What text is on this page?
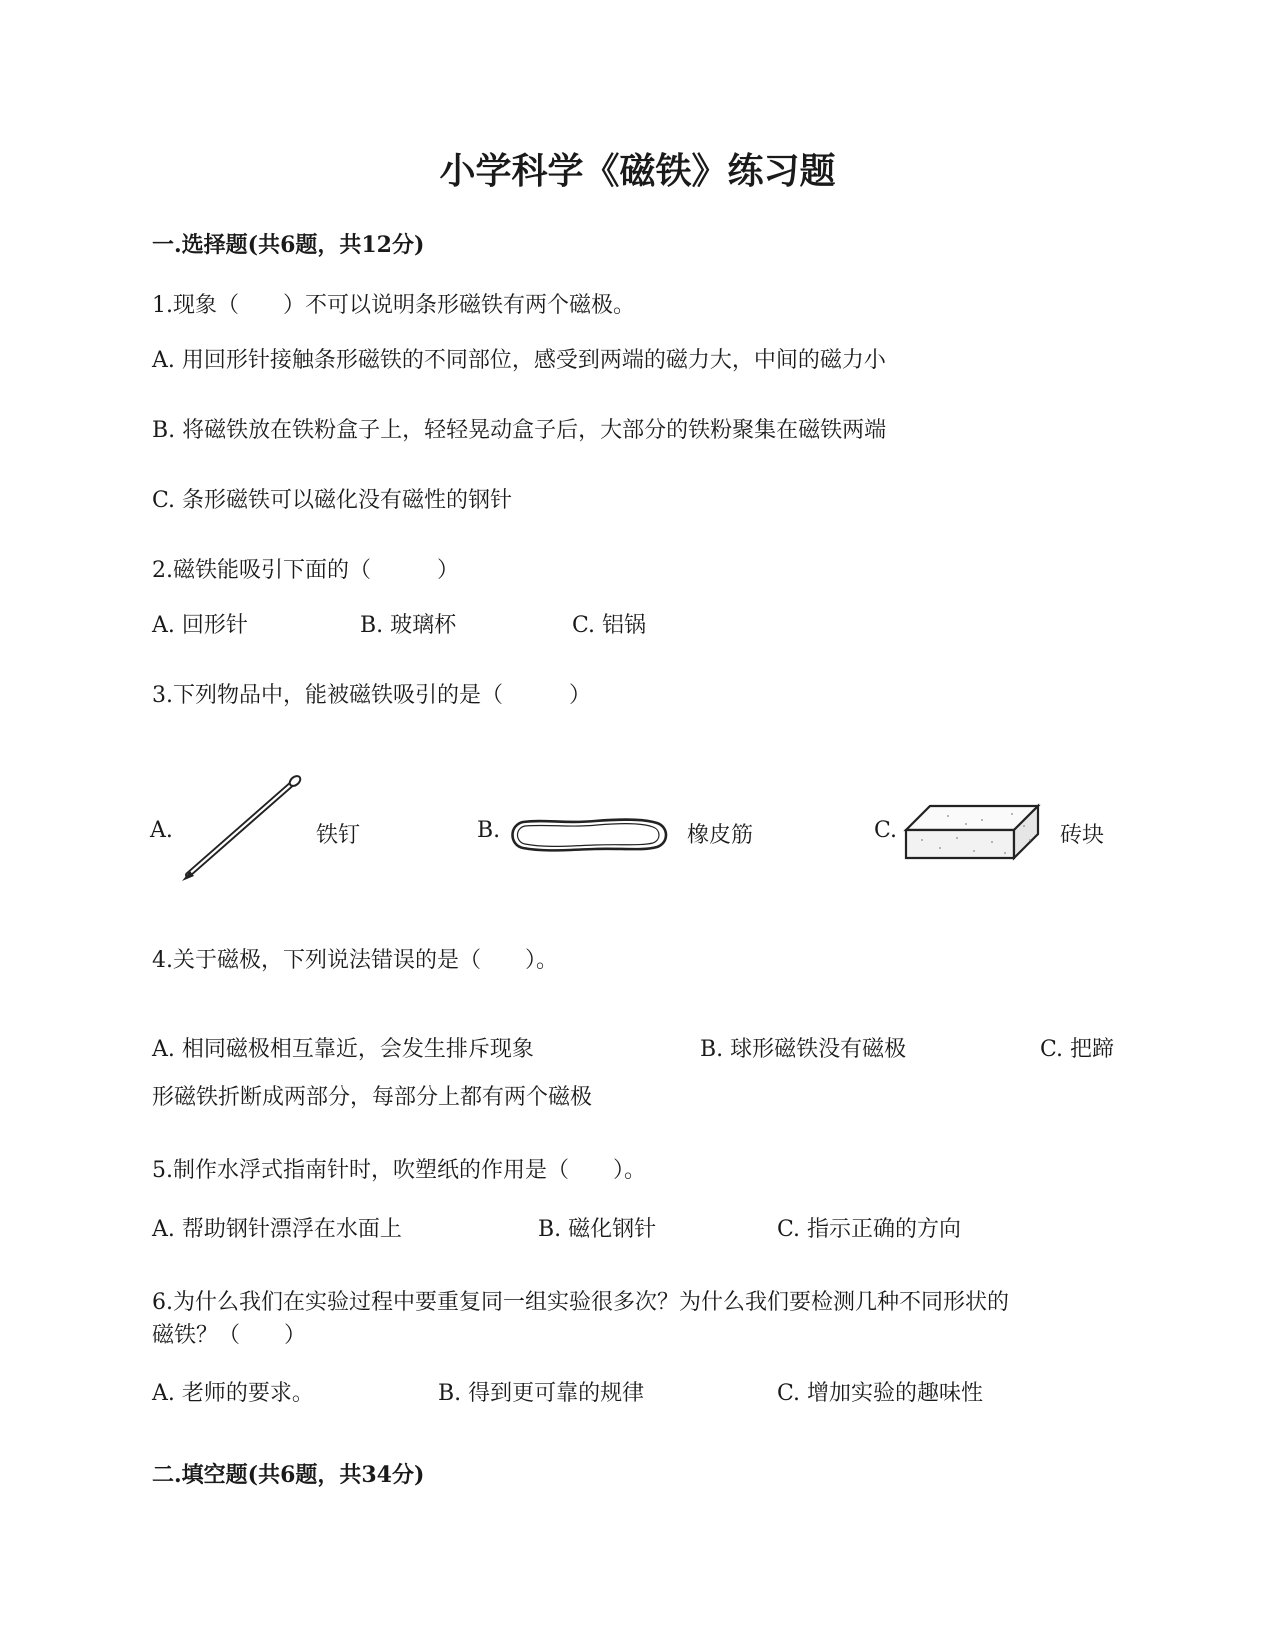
小学科学《磁铁》练习题
一.选择题(共6题，共12分)
1.现象（　　）不可以说明条形磁铁有两个磁极。
A. 用回形针接触条形磁铁的不同部位，感受到两端的磁力大，中间的磁力小
B. 将磁铁放在铁粉盒子上，轻轻晃动盒子后，大部分的铁粉聚集在磁铁两端
C. 条形磁铁可以磁化没有磁性的钢针
2.磁铁能吸引下面的（　　　）
A. 回形针	B. 玻璃杯	C. 铝锅
3.下列物品中，能被磁铁吸引的是（　　　）
A.	铁钉	B.	橡皮筋	C.	砖块
4.关于磁极，下列说法错误的是（　　）。
A. 相同磁极相互靠近，会发生排斥现象	B. 球形磁铁没有磁极	C. 把蹄
形磁铁折断成两部分，每部分上都有两个磁极
5.制作水浮式指南针时，吹塑纸的作用是（　　）。
A. 帮助钢针漂浮在水面上	B. 磁化钢针	C. 指示正确的方向
6.为什么我们在实验过程中要重复同一组实验很多次？为什么我们要检测几种不同形状的
磁铁？（　　）
A. 老师的要求。	B. 得到更可靠的规律	C. 增加实验的趣味性
二.填空题(共6题，共34分)
